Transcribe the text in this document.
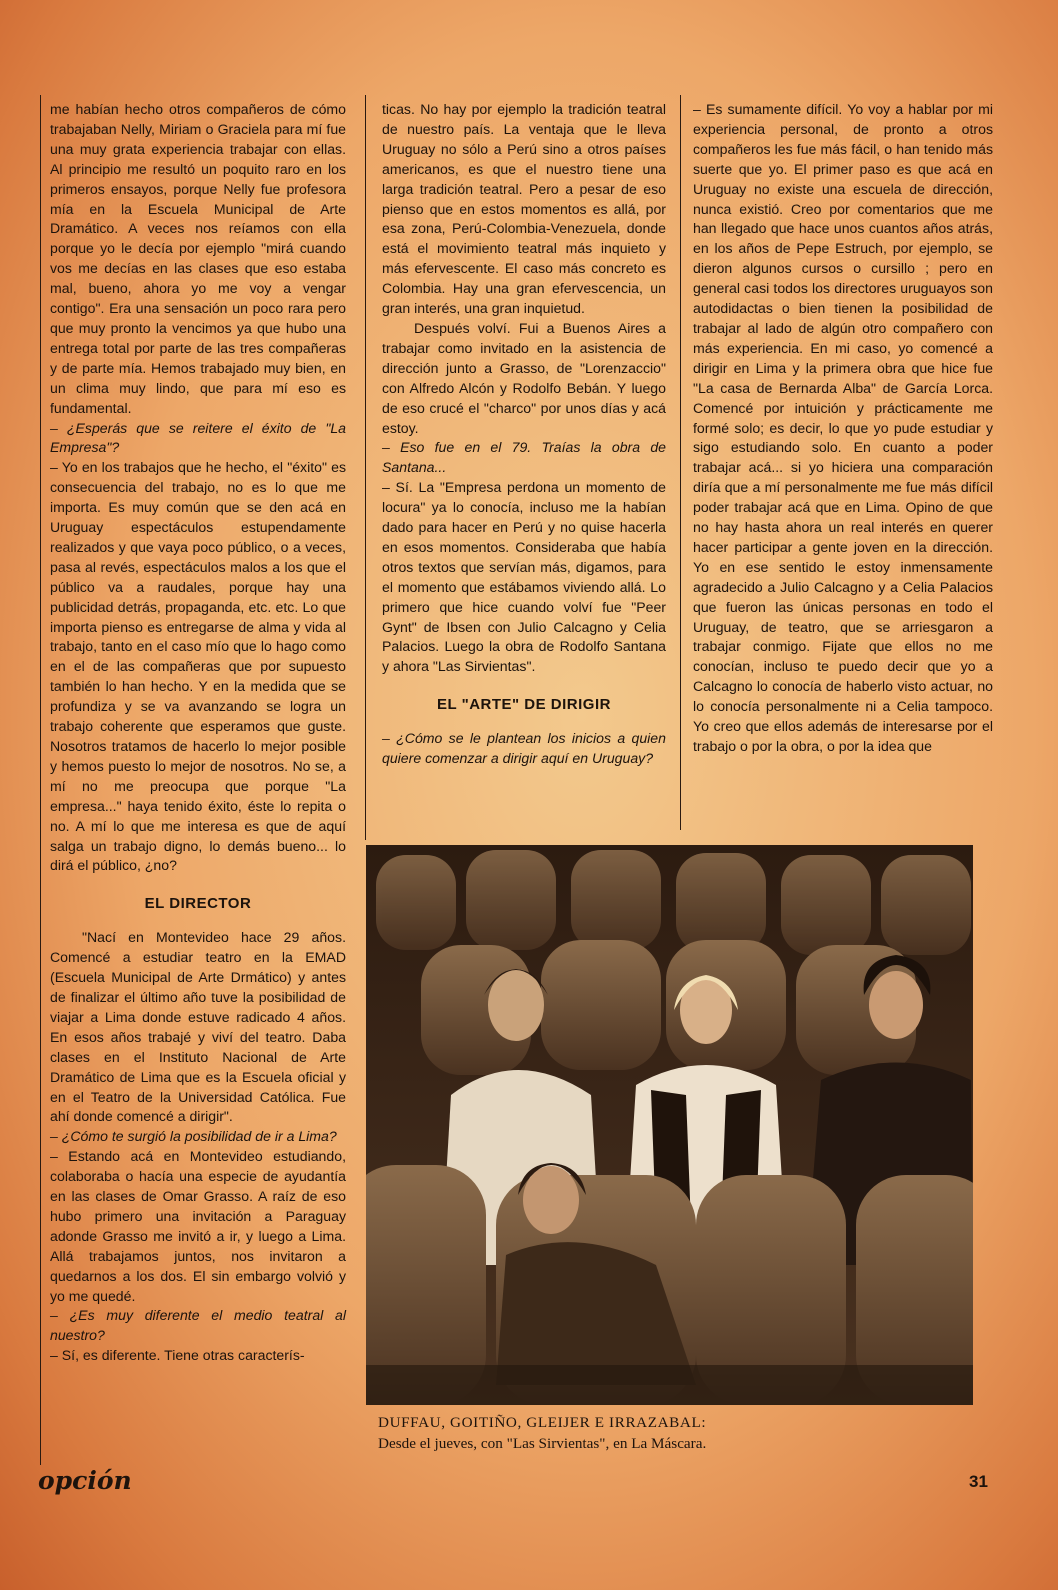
me habían hecho otros compañeros de cómo trabajaban Nelly, Miriam o Graciela para mí fue una muy grata experiencia trabajar con ellas. Al principio me resultó un poquito raro en los primeros ensayos, porque Nelly fue profesora mía en la Escuela Municipal de Arte Dramático. A veces nos reíamos con ella porque yo le decía por ejemplo "mirá cuando vos me decías en las clases que eso estaba mal, bueno, ahora yo me voy a vengar contigo". Era una sensación un poco rara pero que muy pronto la vencimos ya que hubo una entrega total por parte de las tres compañeras y de parte mía. Hemos trabajado muy bien, en un clima muy lindo, que para mí eso es fundamental.

– ¿Esperás que se reitere el éxito de "La Empresa"?

– Yo en los trabajos que he hecho, el "éxito" es consecuencia del trabajo, no es lo que me importa. Es muy común que se den acá en Uruguay espectáculos estupendamente realizados y que vaya poco público, o a veces, pasa al revés, espectáculos malos a los que el público va a raudales, porque hay una publicidad detrás, propaganda, etc. etc. Lo que importa pienso es entregarse de alma y vida al trabajo, tanto en el caso mío que lo hago como en el de las compañeras que por supuesto también lo han hecho. Y en la medida que se profundiza y se va avanzando se logra un trabajo coherente que esperamos que guste. Nosotros tratamos de hacerlo lo mejor posible y hemos puesto lo mejor de nosotros. No se, a mí no me preocupa que porque "La empresa..." haya tenido éxito, éste lo repita o no. A mí lo que me interesa es que de aquí salga un trabajo digno, lo demás bueno... lo dirá el público, ¿no?

EL DIRECTOR

"Nací en Montevideo hace 29 años. Comencé a estudiar teatro en la EMAD (Escuela Municipal de Arte Drmático) y antes de finalizar el último año tuve la posibilidad de viajar a Lima donde estuve radicado 4 años. En esos años trabajé y viví del teatro. Daba clases en el Instituto Nacional de Arte Dramático de Lima que es la Escuela oficial y en el Teatro de la Universidad Católica. Fue ahí donde comencé a dirigir".

– ¿Cómo te surgió la posibilidad de ir a Lima?

– Estando acá en Montevideo estudiando, colaboraba o hacía una especie de ayudantía en las clases de Omar Grasso. A raíz de eso hubo primero una invitación a Paraguay adonde Grasso me invitó a ir, y luego a Lima. Allá trabajamos juntos, nos invitaron a quedarnos a los dos. El sin embargo volvió y yo me quedé.

– ¿Es muy diferente el medio teatral al nuestro?

– Sí, es diferente. Tiene otras caracterís-

ticas. No hay por ejemplo la tradición teatral de nuestro país. La ventaja que le lleva Uruguay no sólo a Perú sino a otros países americanos, es que el nuestro tiene una larga tradición teatral. Pero a pesar de eso pienso que en estos momentos es allá, por esa zona, Perú-Colombia-Venezuela, donde está el movimiento teatral más inquieto y más efervescente. El caso más concreto es Colombia. Hay una gran efervescencia, un gran interés, una gran inquietud.

Después volví. Fui a Buenos Aires a trabajar como invitado en la asistencia de dirección junto a Grasso, de "Lorenzaccio" con Alfredo Alcón y Rodolfo Bebán. Y luego de eso crucé el "charco" por unos días y acá estoy.

– Eso fue en el 79. Traías la obra de Santana...

– Sí. La "Empresa perdona un momento de locura" ya lo conocía, incluso me la habían dado para hacer en Perú y no quise hacerla en esos momentos. Consideraba que había otros textos que servían más, digamos, para el momento que estábamos viviendo allá. Lo primero que hice cuando volví fue "Peer Gynt" de Ibsen con Julio Calcagno y Celia Palacios. Luego la obra de Rodolfo Santana y ahora "Las Sirvientas".

EL "ARTE" DE DIRIGIR

– ¿Cómo se le plantean los inicios a quien quiere comenzar a dirigir aquí en Uruguay?

– Es sumamente difícil. Yo voy a hablar por mi experiencia personal, de pronto a otros compañeros les fue más fácil, o han tenido más suerte que yo. El primer paso es que acá en Uruguay no existe una escuela de dirección, nunca existió. Creo por comentarios que me han llegado que hace unos cuantos años atrás, en los años de Pepe Estruch, por ejemplo, se dieron algunos cursos o cursillo ; pero en general casi todos los directores uruguayos son autodidactas o bien tienen la posibilidad de trabajar al lado de algún otro compañero con más experiencia. En mi caso, yo comencé a dirigir en Lima y la primera obra que hice fue "La casa de Bernarda Alba" de García Lorca. Comencé por intuición y prácticamente me formé solo; es decir, lo que yo pude estudiar y sigo estudiando solo. En cuanto a poder trabajar acá... si yo hiciera una comparación diría que a mí personalmente me fue más difícil poder trabajar acá que en Lima. Opino de que no hay hasta ahora un real interés en querer hacer participar a gente joven en la dirección. Yo en ese sentido le estoy inmensamente agradecido a Julio Calcagno y a Celia Palacios que fueron las únicas personas en todo el Uruguay, de teatro, que se arriesgaron a trabajar conmigo. Fijate que ellos no me conocían, incluso te puedo decir que yo a Calcagno lo conocía de haberlo visto actuar, no lo conocía personalmente ni a Celia tampoco. Yo creo que ellos además de interesarse por el trabajo o por la obra, o por la idea que

DUFFAU, GOITIÑO, GLEIJER E IRRAZABAL:
Desde el jueves, con "Las Sirvientas", en La Máscara.
opción	31
